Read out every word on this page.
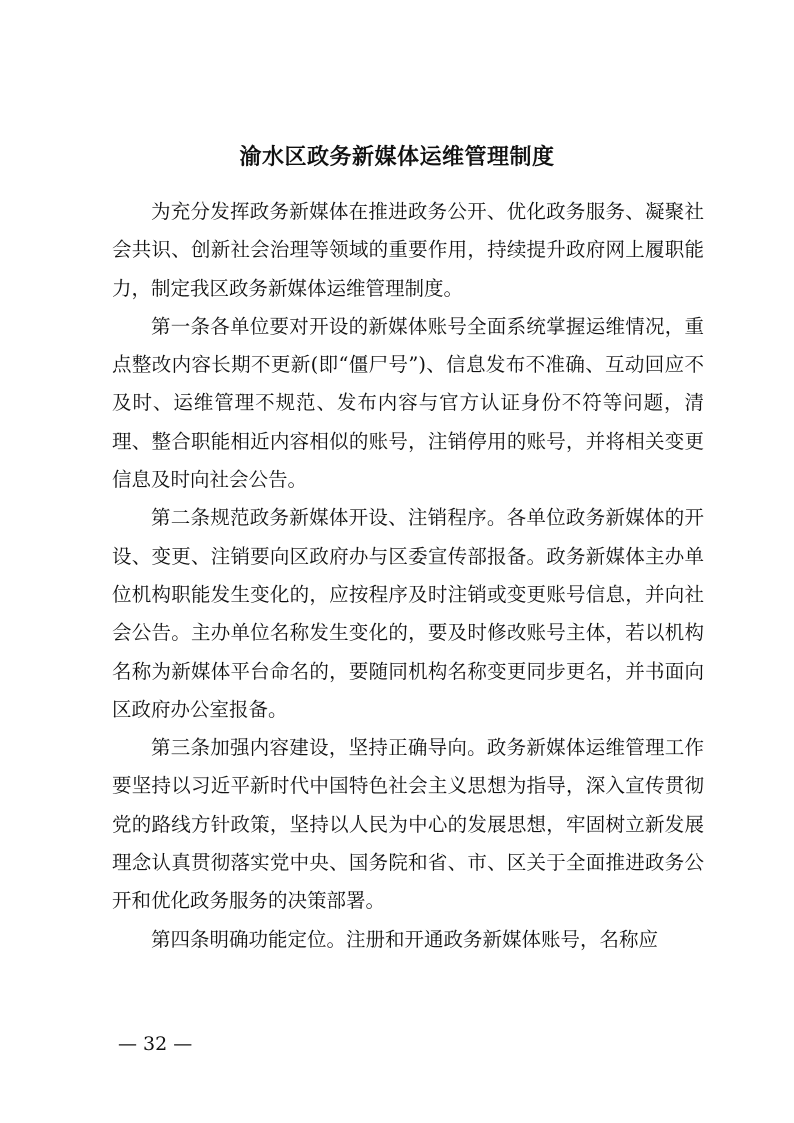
渝水区政务新媒体运维管理制度

为充分发挥政务新媒体在推进政务公开、优化政务服务、凝聚社会共识、创新社会治理等领域的重要作用，持续提升政府网上履职能力，制定我区政务新媒体运维管理制度。

第一条各单位要对开设的新媒体账号全面系统掌握运维情况，重点整改内容长期不更新(即“僵尸号”)、信息发布不准确、互动回应不及时、运维管理不规范、发布内容与官方认证身份不符等问题，清理、整合职能相近内容相似的账号，注销停用的账号，并将相关变更信息及时向社会公告。

第二条规范政务新媒体开设、注销程序。各单位政务新媒体的开设、变更、注销要向区政府办与区委宣传部报备。政务新媒体主办单位机构职能发生变化的，应按程序及时注销或变更账号信息，并向社会公告。主办单位名称发生变化的，要及时修改账号主体，若以机构名称为新媒体平台命名的，要随同机构名称变更同步更名，并书面向区政府办公室报备。

第三条加强内容建设，坚持正确导向。政务新媒体运维管理工作要坚持以习近平新时代中国特色社会主义思想为指导，深入宣传贯彻党的路线方针政策，坚持以人民为中心的发展思想，牢固树立新发展理念认真贯彻落实党中央、国务院和省、市、区关于全面推进政务公开和优化政务服务的决策部署。

第四条明确功能定位。注册和开通政务新媒体账号，名称应

— 32 —
